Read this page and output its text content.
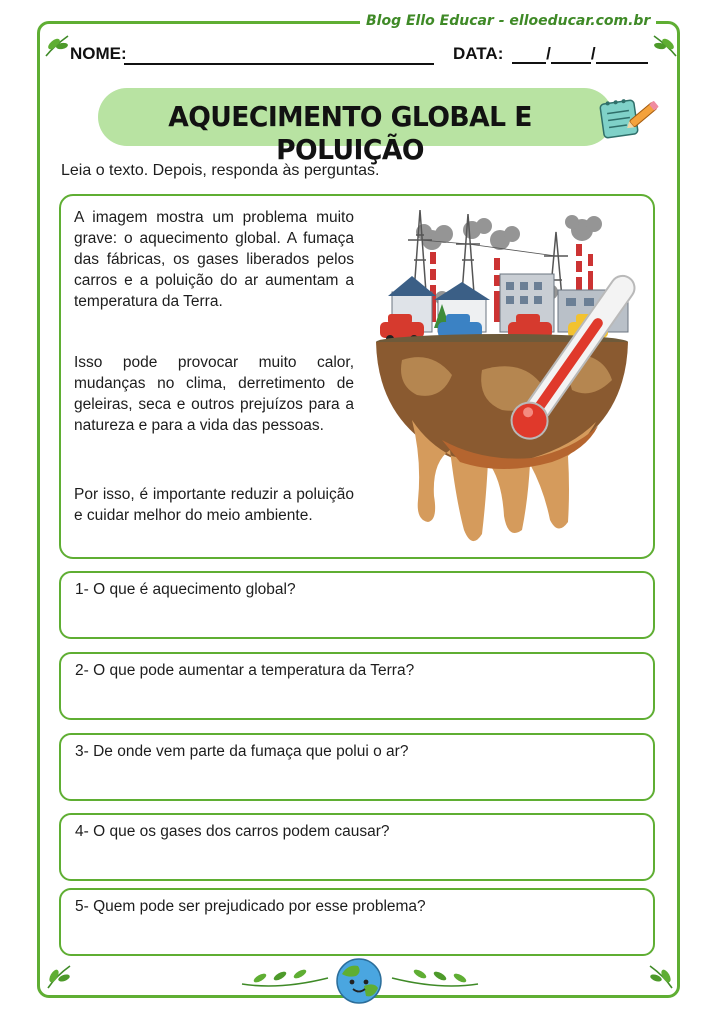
Blog Ello Educar - elloeducar.com.br
NOME:	DATA:	/ /
AQUECIMENTO GLOBAL E POLUIÇÃO
Leia o texto. Depois, responda às perguntas.
A imagem mostra um problema muito grave: o aquecimento global. A fumaça das fábricas, os gases liberados pelos carros e a poluição do ar aumentam a temperatura da Terra.
Isso pode provocar muito calor, mudanças no clima, derretimento de geleiras, seca e outros prejuízos para a natureza e para a vida das pessoas.
Por isso, é importante reduzir a poluição e cuidar melhor do meio ambiente.
1- O que é aquecimento global?
2- O que pode aumentar a temperatura da Terra?
3- De onde vem parte da fumaça que polui o ar?
4- O que os gases dos carros podem causar?
5- Quem pode ser prejudicado por esse problema?
